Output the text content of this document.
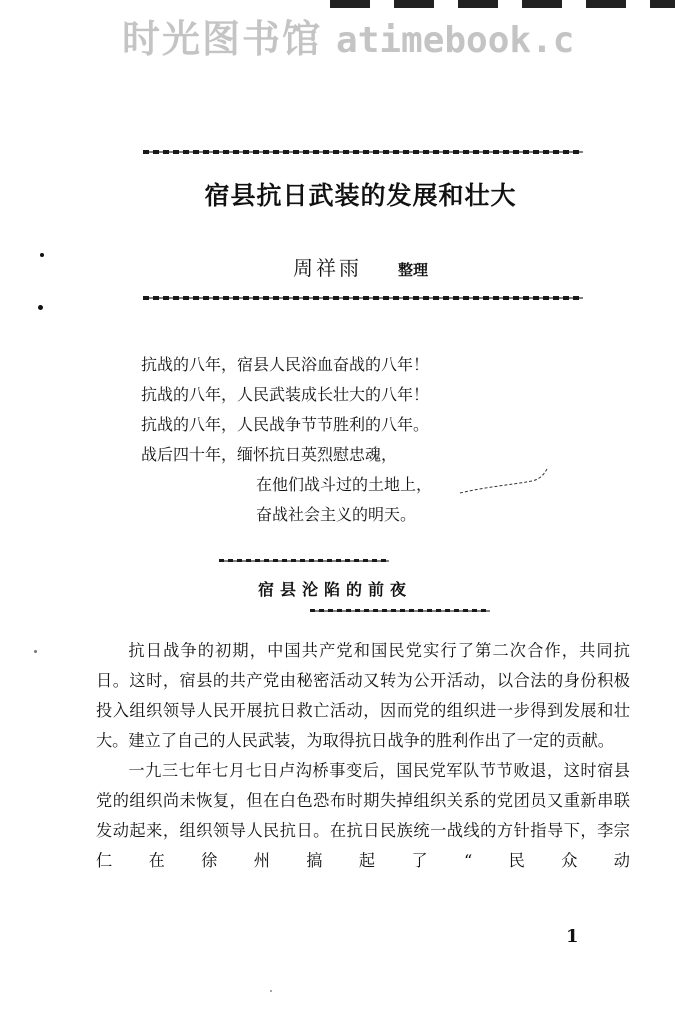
时光图书馆 atimebook.c
宿县抗日武装的发展和壮大
周祥雨 整理
抗战的八年，宿县人民浴血奋战的八年！
抗战的八年，人民武装成长壮大的八年！
抗战的八年，人民战争节节胜利的八年。
战后四十年，缅怀抗日英烈慰忠魂，
在他们战斗过的土地上，
奋战社会主义的明天。
宿县沦陷的前夜

抗日战争的初期，中国共产党和国民党实行了第二次合作，共同抗日。这时，宿县的共产党由秘密活动又转为公开活动，以合法的身份积极投入组织领导人民开展抗日救亡活动，因而党的组织进一步得到发展和壮大。建立了自己的人民武装，为取得抗日战争的胜利作出了一定的贡献。

一九三七年七月七日卢沟桥事变后，国民党军队节节败退，这时宿县党的组织尚未恢复，但在白色恐布时期失掉组织关系的党团员又重新串联发动起来，组织领导人民抗日。在抗日民族统一战线的方针指导下，李宗仁在徐州搞起了“民众动

1
